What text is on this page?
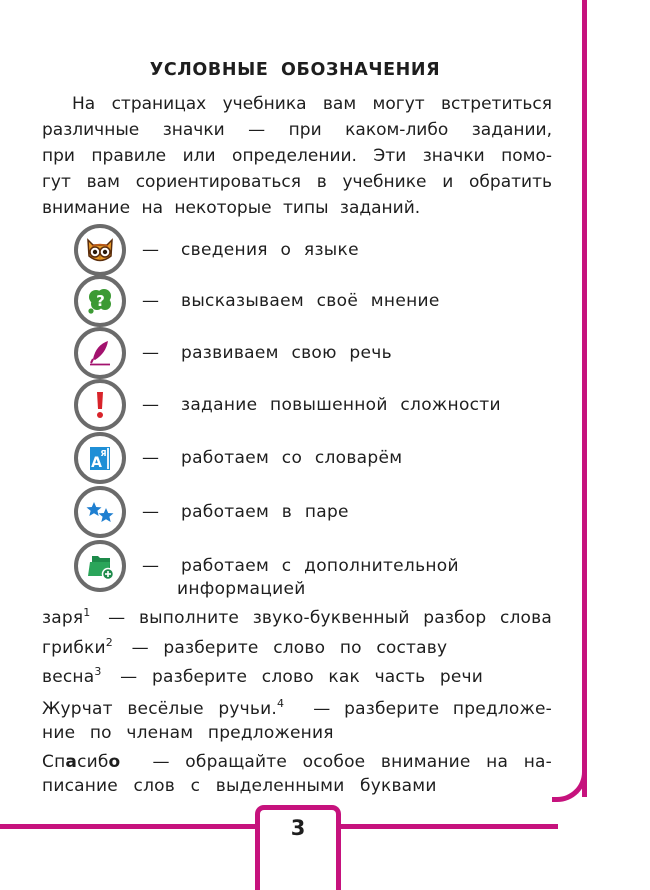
3
УСЛОВНЫЕ ОБОЗНАЧЕНИЯ
На страницах учебника вам могут встретиться
различные значки — при каком-либо задании,
при правиле или определении. Эти значки помо-
гут вам сориентироваться в учебнике и обратить
внимание на некоторые типы заданий.
— сведения о языке
? — высказываем своё мнение
— развиваем свою речь
— задание повышенной сложности
A
Я — работаем со словарём
— работаем в паре
— работаем с дополнительной
информацией
заря$^1$ — выполните звуко-буквенный разбор слова
грибки$^2$ — разберите слово по составу
весна$^3$ — разберите слово как часть речи
Журчат весёлые ручьи.$^4$ — разберите предложе-
ние по членам предложения
Спасибо — обращайте особое внимание на на-
писание слов с выделенными буквами
